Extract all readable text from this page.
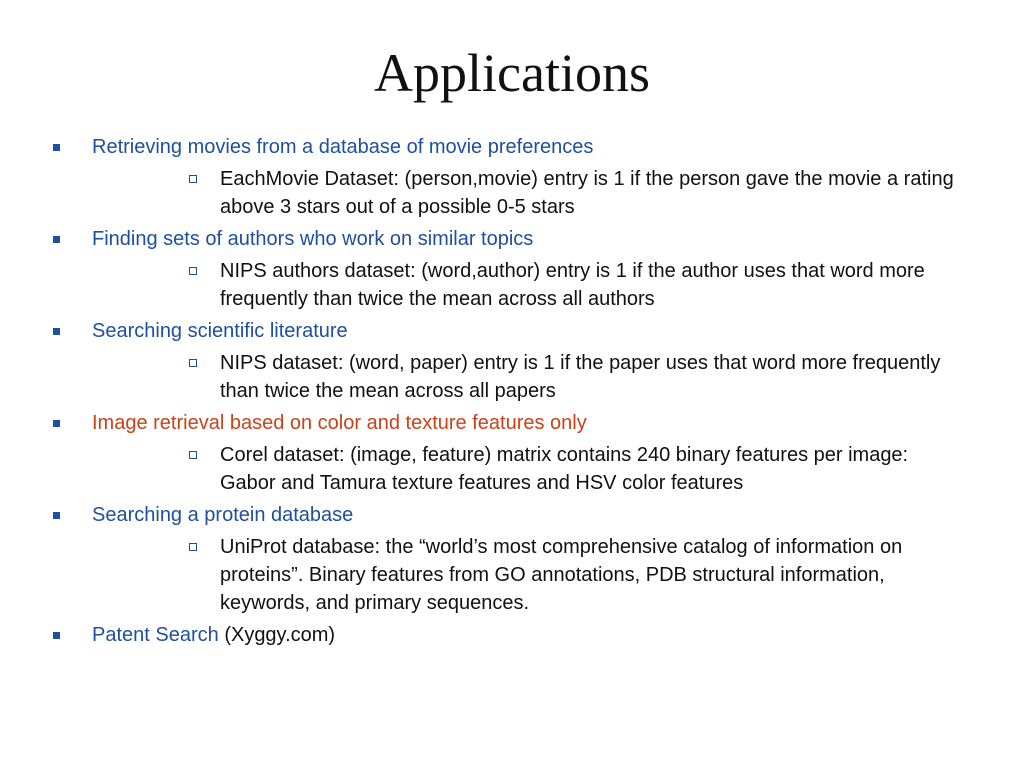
Applications
Retrieving movies from a database of movie preferences
EachMovie Dataset: (person,movie) entry is 1 if the person gave the movie a rating above 3 stars out of a possible 0-5 stars
Finding sets of authors who work on similar topics
NIPS authors dataset: (word,author) entry is 1 if the author uses that word more frequently than twice the mean across all authors
Searching scientific literature
NIPS dataset: (word, paper) entry is 1 if the paper uses that word more frequently than twice the mean across all papers
Image retrieval based on color and texture features only
Corel dataset: (image, feature) matrix contains 240 binary features per image: Gabor and Tamura texture features and HSV color features
Searching a protein database
UniProt database: the “world’s most comprehensive catalog of information on proteins”. Binary features from GO annotations, PDB structural information, keywords, and primary sequences.
Patent Search (Xyggy.com)
